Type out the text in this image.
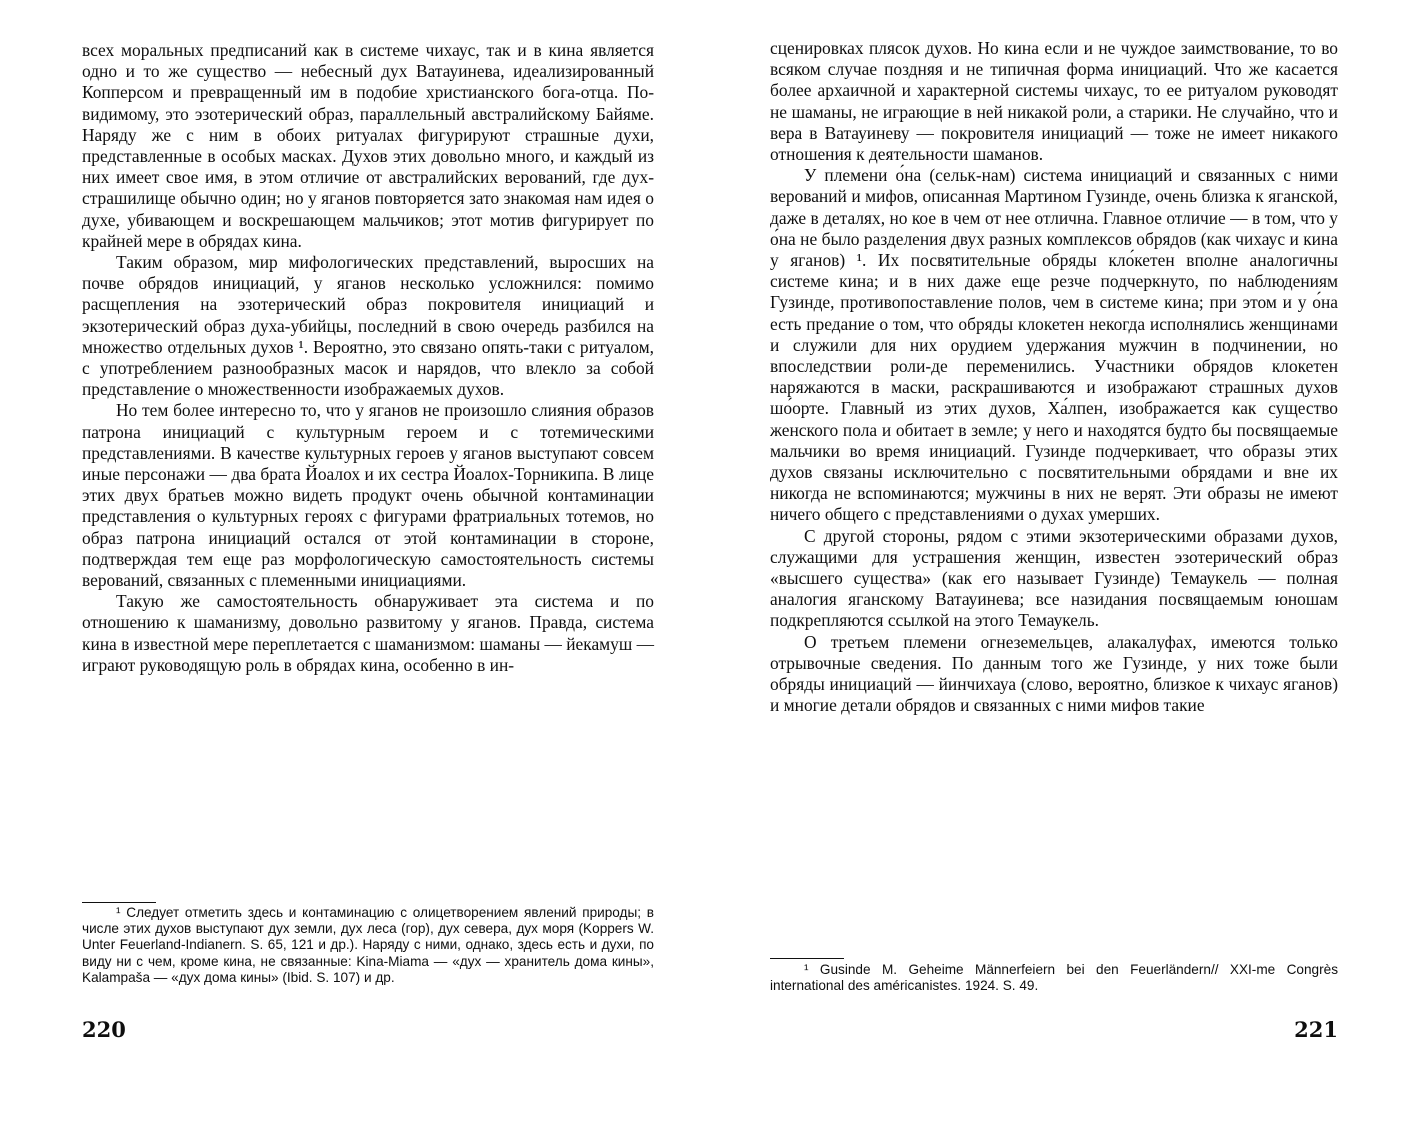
всех моральных предписаний как в системе чихаус, так и в кина является одно и то же существо — небесный дух Ватауинева, идеализированный Копперсом и превращенный им в подобие христианского бога-отца. По-видимому, это эзотерический образ, параллельный австралийскому Байяме. Наряду же с ним в обоих ритуалах фигурируют страшные духи, представленные в особых масках. Духов этих довольно много, и каждый из них имеет свое имя, в этом отличие от австралийских верований, где дух-страшилище обычно один; но у яганов повторяется зато знакомая нам идея о духе, убивающем и воскрешающем мальчиков; этот мотив фигурирует по крайней мере в обрядах кина.

Таким образом, мир мифологических представлений, выросших на почве обрядов инициаций, у яганов несколько усложнился: помимо расщепления на эзотерический образ покровителя инициаций и экзотерический образ духа-убийцы, последний в свою очередь разбился на множество отдельных духов ¹. Вероятно, это связано опять-таки с ритуалом, с употреблением разнообразных масок и нарядов, что влекло за собой представление о множественности изображаемых духов.

Но тем более интересно то, что у яганов не произошло слияния образов патрона инициаций с культурным героем и с тотемическими представлениями. В качестве культурных героев у яганов выступают совсем иные персонажи — два брата Йоалох и их сестра Йоалох-Торникипа. В лице этих двух братьев можно видеть продукт очень обычной контаминации представления о культурных героях с фигурами фратриальных тотемов, но образ патрона инициаций остался от этой контаминации в стороне, подтверждая тем еще раз морфологическую самостоятельность системы верований, связанных с племенными инициациями.

Такую же самостоятельность обнаруживает эта система и по отношению к шаманизму, довольно развитому у яганов. Правда, система кина в известной мере переплетается с шаманизмом: шаманы — йекамуш — играют руководящую роль в обрядах кина, особенно в ин-

¹ Следует отметить здесь и контаминацию с олицетворением явлений природы; в числе этих духов выступают дух земли, дух леса (гор), дух севера, дух моря (Koppers W. Unter Feuerland-Indianern. S. 65, 121 и др.). Наряду с ними, однако, здесь есть и духи, по виду ни с чем, кроме кина, не связанные: Kina-Miama — «дух — хранитель дома кины», Kalampaša — «дух дома кины» (Ibid. S. 107) и др.

220

сценировках плясок духов. Но кина если и не чуждое заимствование, то во всяком случае поздняя и не типичная форма инициаций. Что же касается более архаичной и характерной системы чихаус, то ее ритуалом руководят не шаманы, не играющие в ней никакой роли, а старики. Не случайно, что и вера в Ватауиневу — покровителя инициаций — тоже не имеет никакого отношения к деятельности шаманов.

У племени о́на (сельк-нам) система инициаций и связанных с ними верований и мифов, описанная Мартином Гузинде, очень близка к яганской, даже в деталях, но кое в чем от нее отлична. Главное отличие — в том, что у о́на не было разделения двух разных комплексов обрядов (как чихаус и кина у яганов) ¹. Их посвятительные обряды кло́кетен вполне аналогичны системе кина; и в них даже еще резче подчеркнуто, по наблюдениям Гузинде, противопоставление полов, чем в системе кина; при этом и у о́на есть предание о том, что обряды клокетен некогда исполнялись женщинами и служили для них орудием удержания мужчин в подчинении, но впоследствии роли-де переменились. Участники обрядов клокетен наряжаются в маски, раскрашиваются и изображают страшных духов шо́орте. Главный из этих духов, Ха́лпен, изображается как существо женского пола и обитает в земле; у него и находятся будто бы посвящаемые мальчики во время инициаций. Гузинде подчеркивает, что образы этих духов связаны исключительно с посвятительными обрядами и вне их никогда не вспоминаются; мужчины в них не верят. Эти образы не имеют ничего общего с представлениями о духах умерших.

С другой стороны, рядом с этими экзотерическими образами духов, служащими для устрашения женщин, известен эзотерический образ «высшего существа» (как его называет Гузинде) Темаукель — полная аналогия яганскому Ватауинева; все назидания посвящаемым юношам подкрепляются ссылкой на этого Темаукель.

О третьем племени огнеземельцев, алакалуфах, имеются только отрывочные сведения. По данным того же Гузинде, у них тоже были обряды инициаций — йинчихауа (слово, вероятно, близкое к чихаус яганов) и многие детали обрядов и связанных с ними мифов такие

¹ Gusinde M. Geheime Männerfeiern bei den Feuerländern// XXI-me Congrès international des américanistes. 1924. S. 49.

221
